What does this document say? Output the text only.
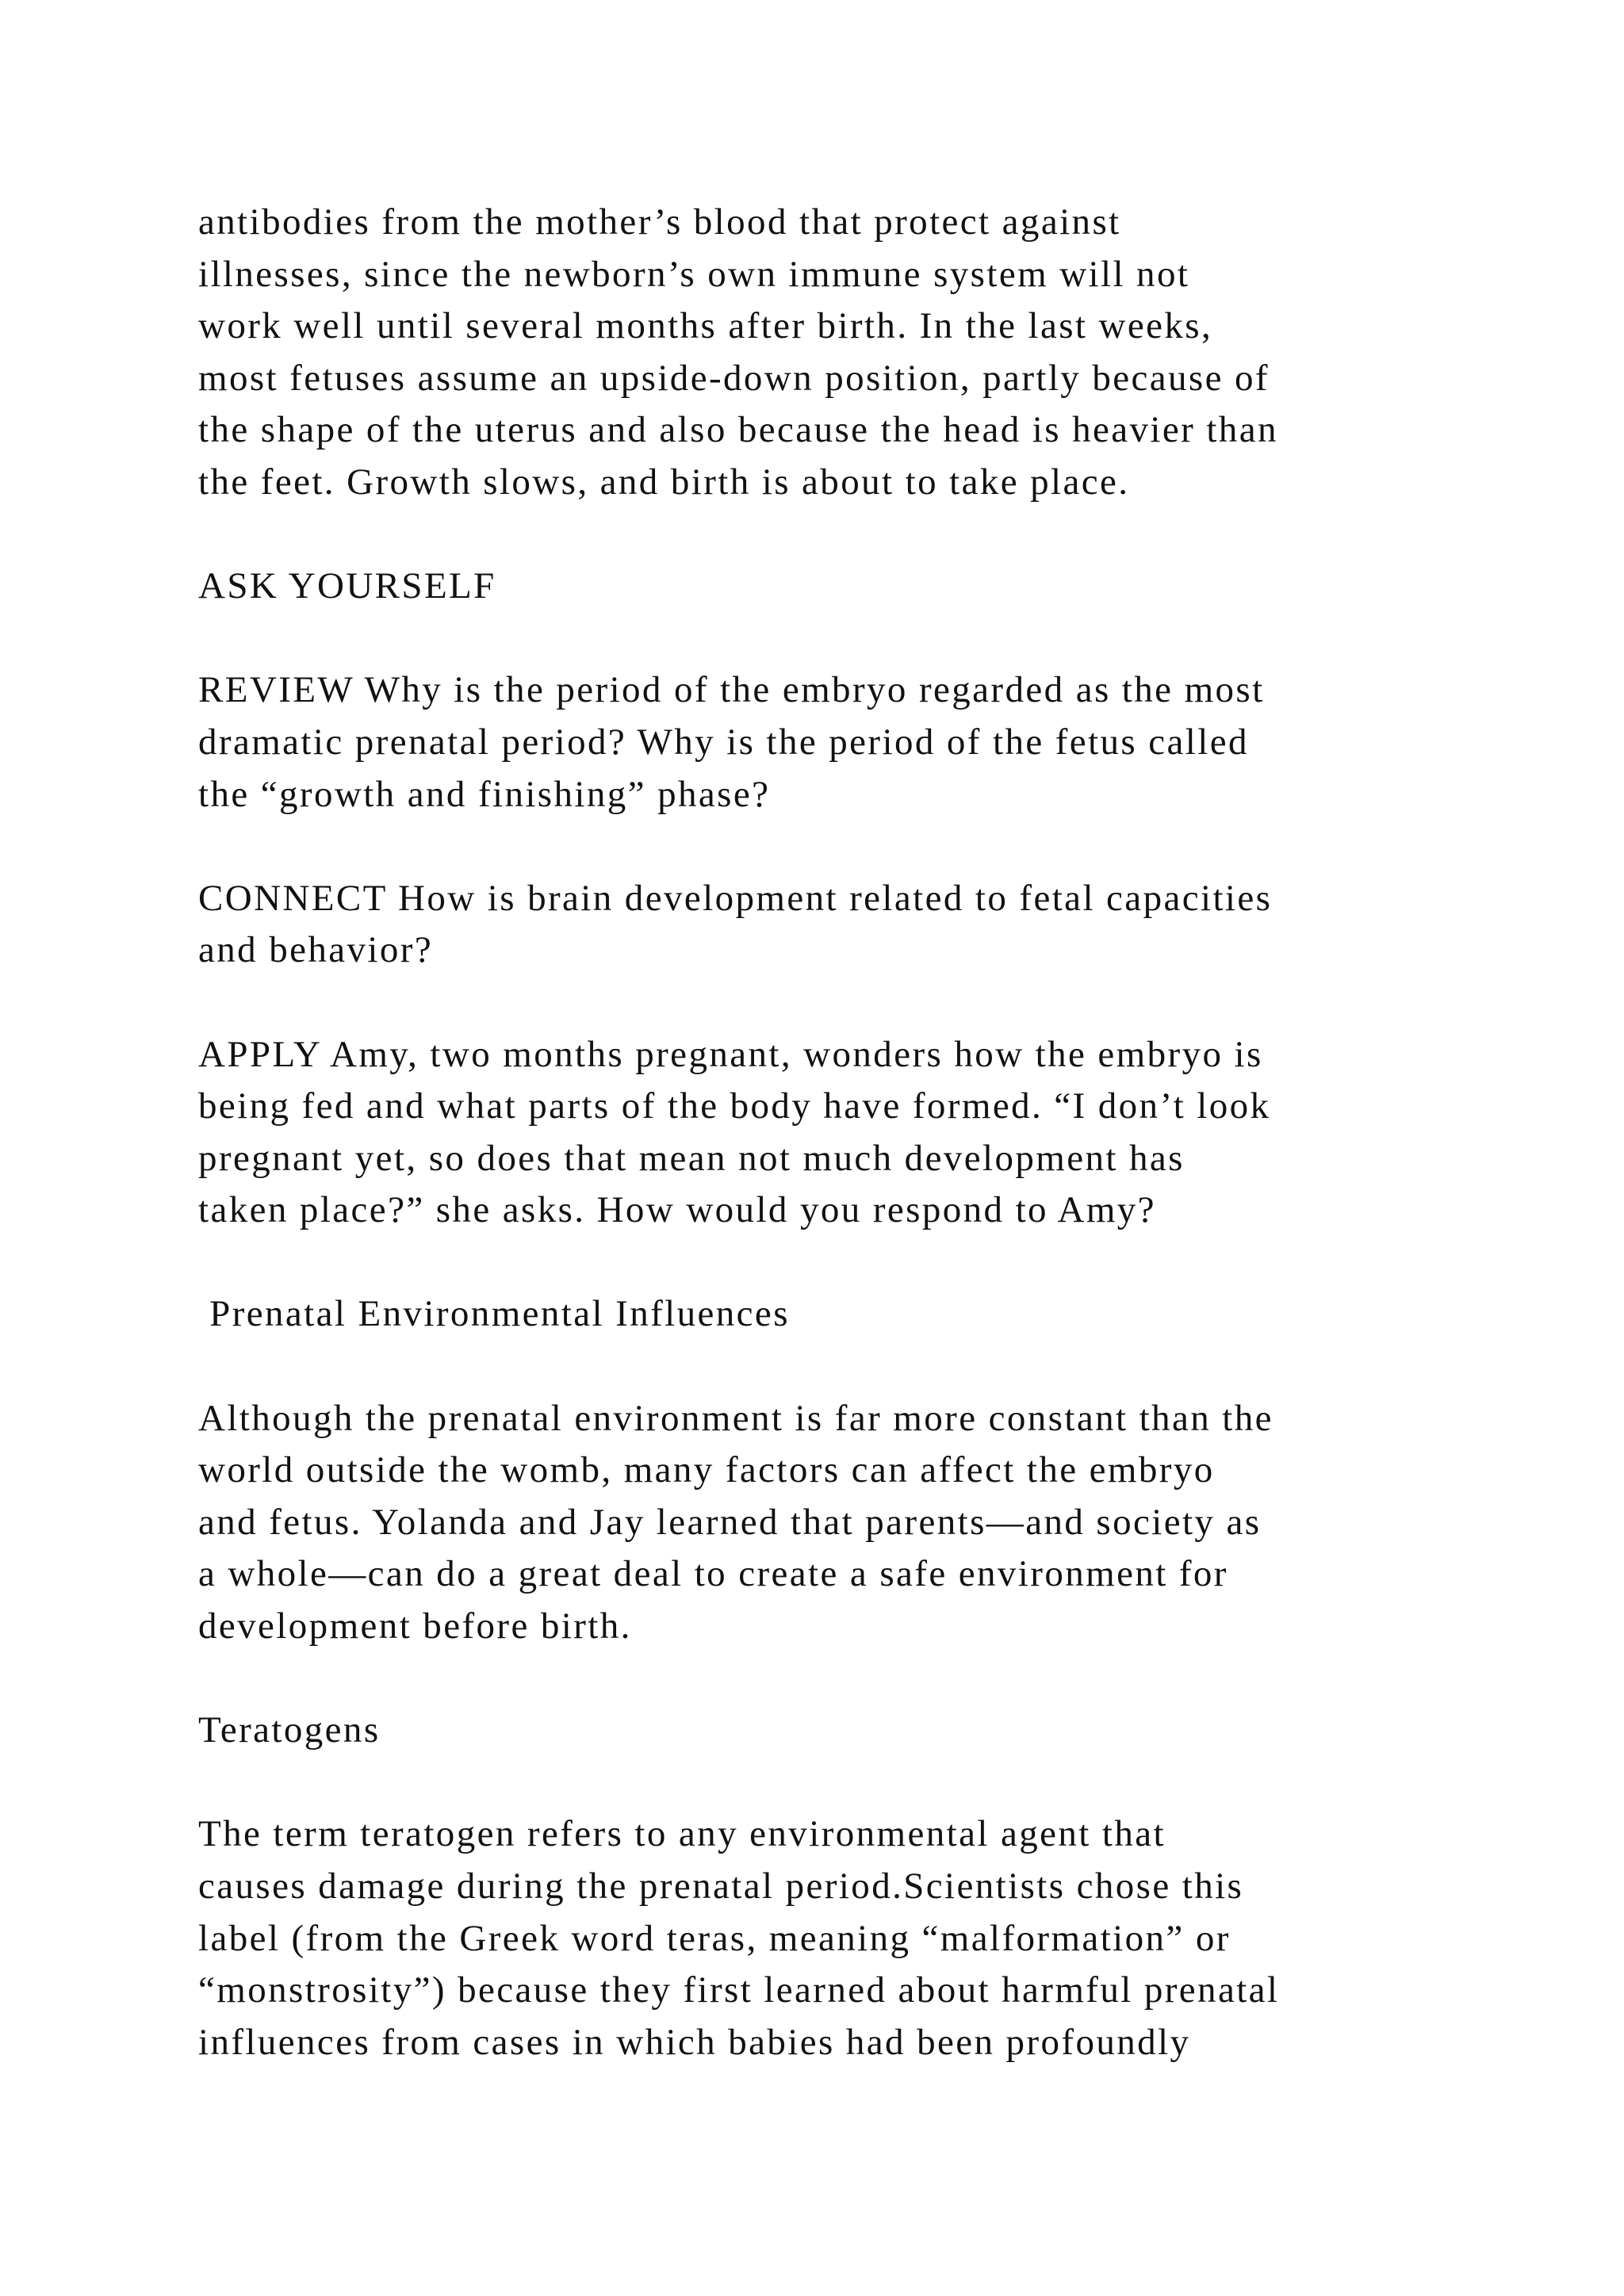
antibodies from the mother’s blood that protect against
illnesses, since the newborn’s own immune system will not
work well until several months after birth. In the last weeks,
most fetuses assume an upside-down position, partly because of
the shape of the uterus and also because the head is heavier than
the feet. Growth slows, and birth is about to take place.
ASK YOURSELF
REVIEW Why is the period of the embryo regarded as the most
dramatic prenatal period? Why is the period of the fetus called
the “growth and finishing” phase?
CONNECT How is brain development related to fetal capacities
and behavior?
APPLY Amy, two months pregnant, wonders how the embryo is
being fed and what parts of the body have formed. “I don’t look
pregnant yet, so does that mean not much development has
taken place?” she asks. How would you respond to Amy?
Prenatal Environmental Influences
Although the prenatal environment is far more constant than the
world outside the womb, many factors can affect the embryo
and fetus. Yolanda and Jay learned that parents—and society as
a whole—can do a great deal to create a safe environment for
development before birth.
Teratogens
The term teratogen refers to any environmental agent that
causes damage during the prenatal period.Scientists chose this
label (from the Greek word teras, meaning “malformation” or
“monstrosity”) because they first learned about harmful prenatal
influences from cases in which babies had been profoundly
